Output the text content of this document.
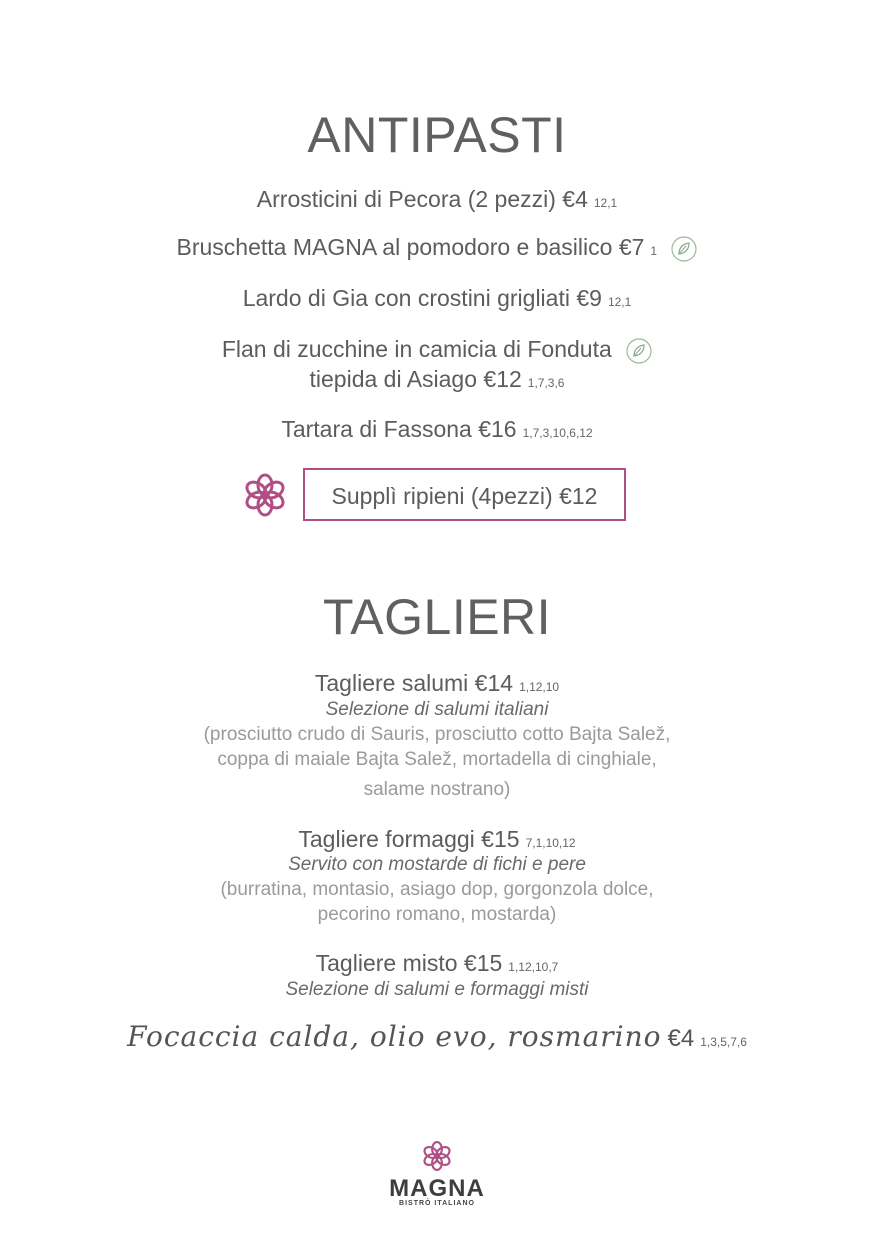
ANTIPASTI
Arrosticini di Pecora (2 pezzi) €4 12,1
Bruschetta MAGNA al pomodoro e basilico €7 1
Lardo di Gia con crostini grigliati €9 12,1
Flan di zucchine in camicia di Fonduta
tiepida di Asiago €12 1,7,3,6
Tartara di Fassona €16 1,7,3,10,6,12
Supplì ripieni (4pezzi) €12
TAGLIERI
Tagliere salumi €14 1,12,10
Selezione di salumi italiani
(prosciutto crudo di Sauris, prosciutto cotto Bajta Salež,
coppa di maiale Bajta Salež, mortadella di cinghiale,
salame nostrano)
Tagliere formaggi €15 7,1,10,12
Servito con mostarde di fichi e pere
(burratina, montasio, asiago dop, gorgonzola dolce,
pecorino romano, mostarda)
Tagliere misto €15 1,12,10,7
Selezione di salumi e formaggi misti
Focaccia calda, olio evo, rosmarino €4 1,3,5,7,6
MAGNA
BISTRÒ ITALIANO
